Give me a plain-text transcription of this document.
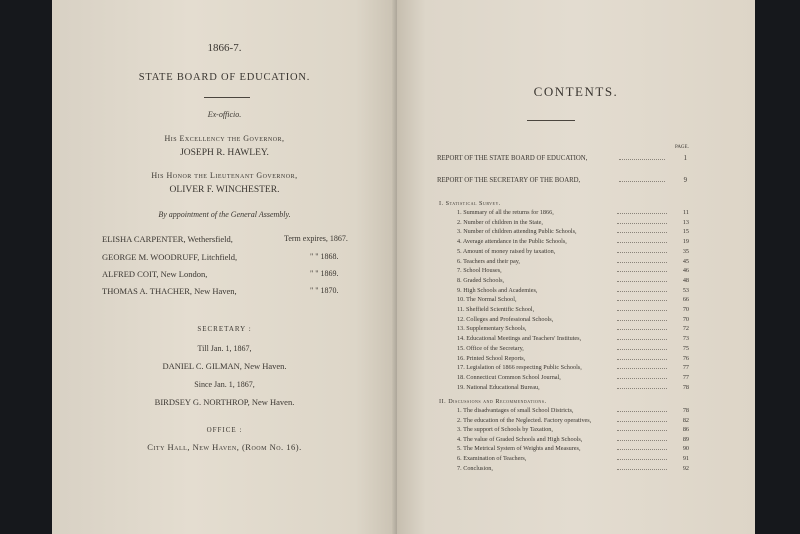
1866-7.
STATE BOARD OF EDUCATION.
Ex-officio.
His Excellency the Governor,
JOSEPH R. HAWLEY.
His Honor the Lieutenant Governor,
OLIVER F. WINCHESTER.
By appointment of the General Assembly.
ELISHA CARPENTER, Wethersfield,	Term expires, 1867.
GEORGE M. WOODRUFF, Litchfield,	" " 1868.
ALFRED COIT, New London,	" " 1869.
THOMAS A. THACHER, New Haven,	" " 1870.
SECRETARY :
Till Jan. 1, 1867,
DANIEL C. GILMAN, New Haven.
Since Jan. 1, 1867,
BIRDSEY G. NORTHROP, New Haven.
OFFICE :
City Hall, New Haven, (Room No. 16).
CONTENTS.
PAGE.
REPORT OF THE STATE BOARD OF EDUCATION,	1
REPORT OF THE SECRETARY OF THE BOARD,	9
I. Statistical Survey.
1. Summary of all the returns for 1866,	11
2. Number of children in the State,	13
3. Number of children attending Public Schools,	15
4. Average attendance in the Public Schools,	19
5. Amount of money raised by taxation,	35
6. Teachers and their pay,	45
7. School Houses,	46
8. Graded Schools,	48
9. High Schools and Academies,	53
10. The Normal School,	66
11. Sheffield Scientific School,	70
12. Colleges and Professional Schools,	70
13. Supplementary Schools,	72
14. Educational Meetings and Teachers' Institutes,	73
15. Office of the Secretary,	75
16. Printed School Reports,	76
17. Legislation of 1866 respecting Public Schools,	77
18. Connecticut Common School Journal,	77
19. National Educational Bureau,	78
II. Discussions and Recommendations.
1. The disadvantages of small School Districts,	78
2. The education of the Neglected. Factory operatives,	82
3. The support of Schools by Taxation,	86
4. The value of Graded Schools and High Schools,	89
5. The Metrical System of Weights and Measures,	90
6. Examination of Teachers,	91
7. Conclusion,	92
